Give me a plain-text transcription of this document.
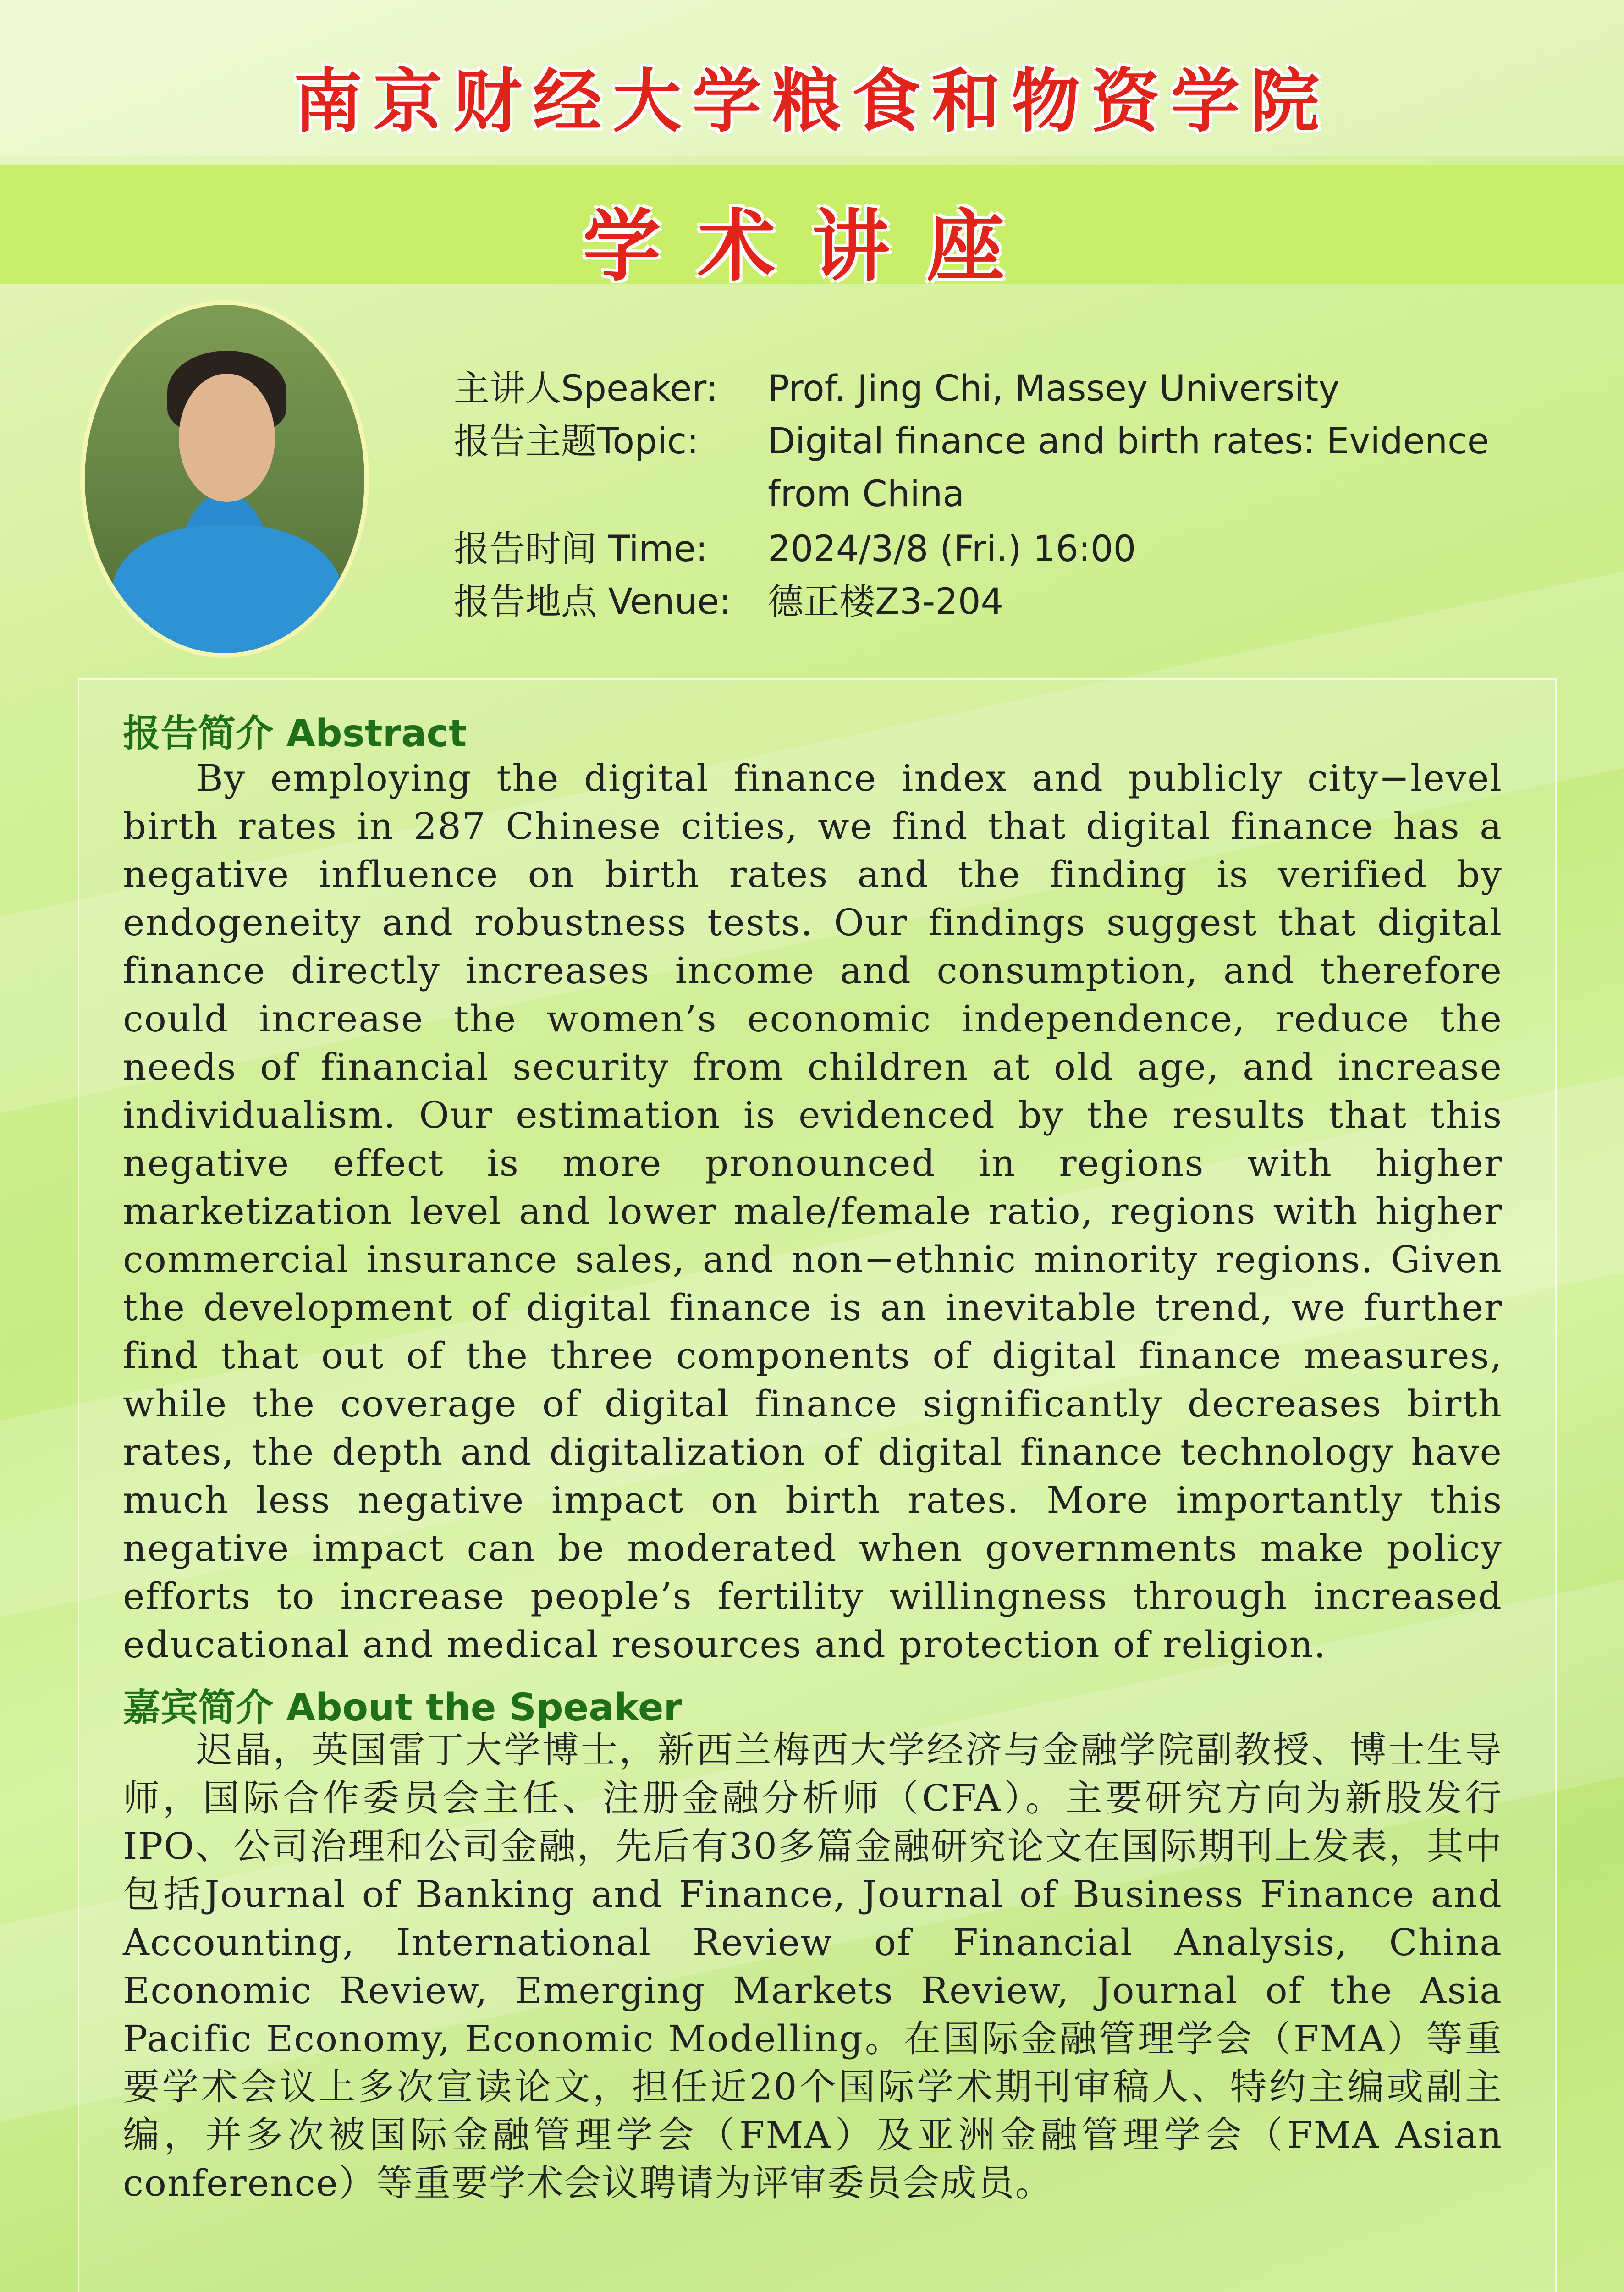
南京财经大学粮食和物资学院
学术讲座
主讲人Speaker: Prof. Jing Chi, Massey University
报告主题Topic: Digital finance and birth rates: Evidence
from China
报告时间 Time: 2024/3/8 (Fri.) 16:00
报告地点 Venue: 德正楼Z3-204
报告简介 Abstract
By employing the digital finance index and publicly city−level birth rates in 287 Chinese cities, we find that digital finance has a negative influence on birth rates and the finding is verified by endogeneity and robustness tests. Our findings suggest that digital finance directly increases income and consumption, and therefore could increase the women’s economic independence, reduce the needs of financial security from children at old age, and increase individualism. Our estimation is evidenced by the results that this negative effect is more pronounced in regions with higher marketization level and lower male/female ratio, regions with higher commercial insurance sales, and non−ethnic minority regions. Given the development of digital finance is an inevitable trend, we further find that out of the three components of digital finance measures, while the coverage of digital finance significantly decreases birth rates, the depth and digitalization of digital finance technology have much less negative impact on birth rates. More importantly this negative impact can be moderated when governments make policy efforts to increase people’s fertility willingness through increased educational and medical resources and protection of religion.
嘉宾简介 About the Speaker
迟晶，英国雷丁大学博士，新西兰梅西大学经济与金融学院副教授、博士生导师，国际合作委员会主任、注册金融分析师（CFA）。主要研究方向为新股发行IPO、公司治理和公司金融，先后有30多篇金融研究论文在国际期刊上发表，其中包括Journal of Banking and Finance, Journal of Business Finance and Accounting, International Review of Financial Analysis, China Economic Review, Emerging Markets Review, Journal of the Asia Pacific Economy, Economic Modelling。在国际金融管理学会（FMA）等重要学术会议上多次宣读论文，担任近20个国际学术期刊审稿人、特约主编或副主编，并多次被国际金融管理学会（FMA）及亚洲金融管理学会（FMA Asian conference）等重要学术会议聘请为评审委员会成员。
